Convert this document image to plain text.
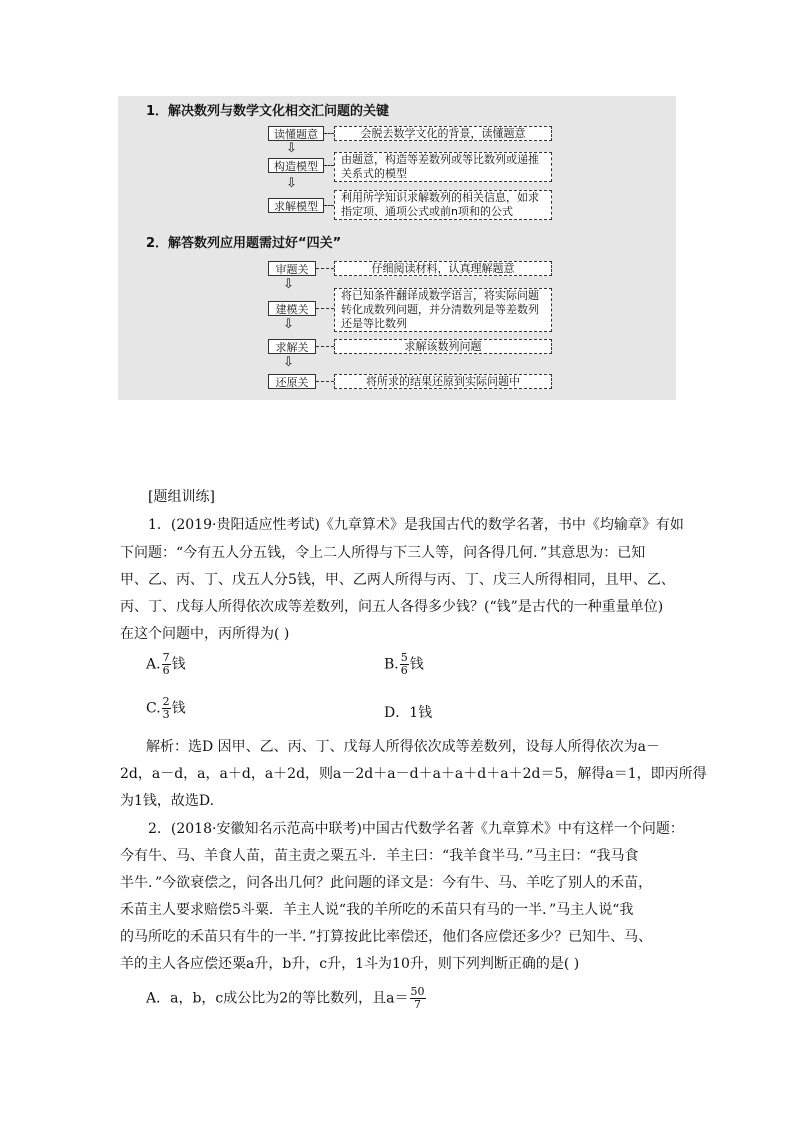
1．解决数列与数学文化相交汇问题的关键
读懂题意	会脱去数学文化的背景，读懂题意
⇩
构造模型
由题意，构造等差数列或等比数列或递推
关系式的模型
⇩
求解模型
利用所学知识求解数列的相关信息，如求
指定项、通项公式或前n项和的公式
2．解答数列应用题需过好“四关”
审题关	仔细阅读材料，认真理解题意
⇩
建模关
将已知条件翻译成数学语言，将实际问题
转化成数列问题，并分清数列是等差数列
还是等比数列
⇩
求解关	求解该数列问题
⇩
还原关	将所求的结果还原到实际问题中
[题组训练]
1．(2019·贵阳适应性考试)《九章算术》是我国古代的数学名著，书中《均输章》有如
下问题：“今有五人分五钱，令上二人所得与下三人等，问各得几何．”其意思为：已知
甲、乙、丙、丁、戊五人分5钱，甲、乙两人所得与丙、丁、戊三人所得相同，且甲、乙、
丙、丁、戊每人所得依次成等差数列，问五人各得多少钱？(“钱”是古代的一种重量单位)
在这个问题中，丙所得为( )
A. $\frac{7}{6}$ 钱	B. $\frac{5}{6}$ 钱
C. $\frac{2}{3}$ 钱	D．1钱
解析：选D 因甲、乙、丙、丁、戊每人所得依次成等差数列，设每人所得依次为a－
2d，a－d，a，a＋d，a＋2d，则a－2d＋a－d＋a＋a＋d＋a＋2d＝5，解得a＝1，即丙所得
为1钱，故选D.
2．(2018·安徽知名示范高中联考)中国古代数学名著《九章算术》中有这样一个问题：
今有牛、马、羊食人苗，苗主责之粟五斗．羊主曰：“我羊食半马．”马主曰：“我马食
半牛．”今欲衰偿之，问各出几何？此问题的译文是：今有牛、马、羊吃了别人的禾苗，
禾苗主人要求赔偿5斗粟．羊主人说“我的羊所吃的禾苗只有马的一半．”马主人说“我
的马所吃的禾苗只有牛的一半．”打算按此比率偿还，他们各应偿还多少？已知牛、马、
羊的主人各应偿还粟a升，b升，c升，1斗为10升，则下列判断正确的是( )
A．a，b，c成公比为2的等比数列，且$a= \frac{50}{7}$
